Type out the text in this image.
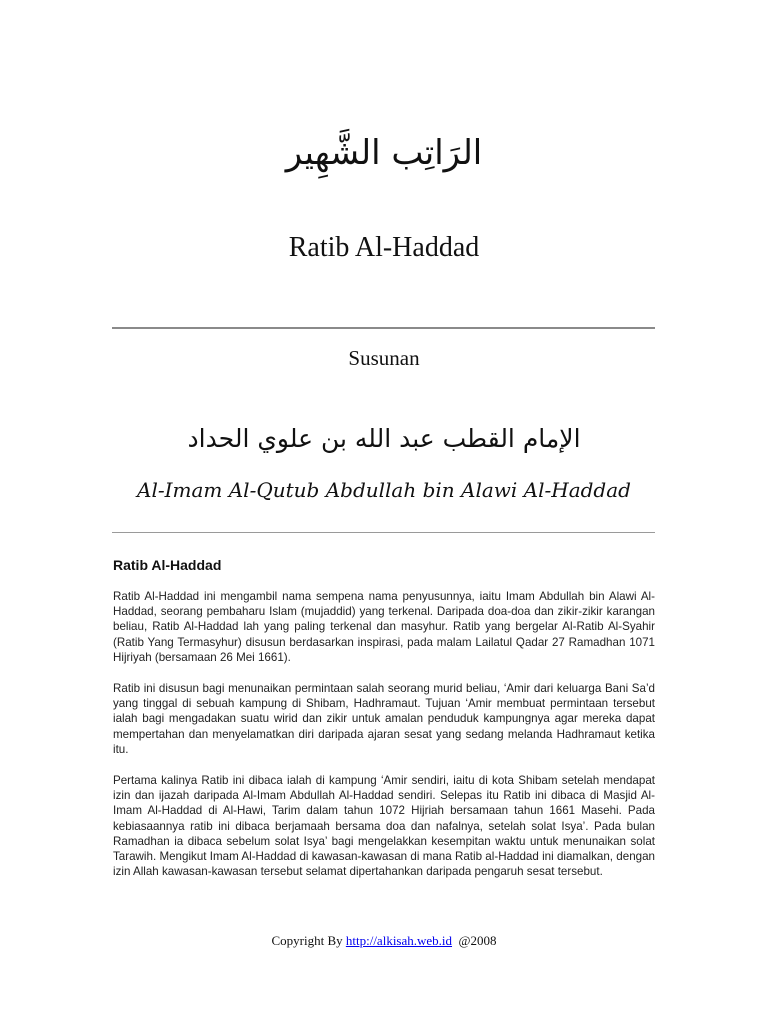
الرَاتِب الشَّهِير
Ratib Al-Haddad
Susunan
الإمام القطب عبد الله بن علوي الحداد
Al-Imam Al-Qutub Abdullah bin Alawi Al-Haddad
Ratib Al-Haddad

Ratib Al-Haddad ini mengambil nama sempena nama penyusunnya, iaitu Imam Abdullah bin Alawi Al-Haddad, seorang pembaharu Islam (mujaddid) yang terkenal. Daripada doa-doa dan zikir-zikir karangan beliau, Ratib Al-Haddad lah yang paling terkenal dan masyhur. Ratib yang bergelar Al-Ratib Al-Syahir (Ratib Yang Termasyhur) disusun berdasarkan inspirasi, pada malam Lailatul Qadar 27 Ramadhan 1071 Hijriyah (bersamaan 26 Mei 1661).

Ratib ini disusun bagi menunaikan permintaan salah seorang murid beliau, ‘Amir dari keluarga Bani Sa’d yang tinggal di sebuah kampung di Shibam, Hadhramaut. Tujuan ‘Amir membuat permintaan tersebut ialah bagi mengadakan suatu wirid dan zikir untuk amalan penduduk kampungnya agar mereka dapat mempertahan dan menyelamatkan diri daripada ajaran sesat yang sedang melanda Hadhramaut ketika itu.

Pertama kalinya Ratib ini dibaca ialah di kampung ‘Amir sendiri, iaitu di kota Shibam setelah mendapat izin dan ijazah daripada Al-Imam Abdullah Al-Haddad sendiri. Selepas itu Ratib ini dibaca di Masjid Al-Imam Al-Haddad di Al-Hawi, Tarim dalam tahun 1072 Hijriah bersamaan tahun 1661 Masehi. Pada kebiasaannya ratib ini dibaca berjamaah bersama doa dan nafalnya, setelah solat Isya’. Pada bulan Ramadhan ia dibaca sebelum solat Isya’ bagi mengelakkan kesempitan waktu untuk menunaikan solat Tarawih. Mengikut Imam Al-Haddad di kawasan-kawasan di mana Ratib al-Haddad ini diamalkan, dengan izin Allah kawasan-kawasan tersebut selamat dipertahankan daripada pengaruh sesat tersebut.

Copyright By http://alkisah.web.id @2008
